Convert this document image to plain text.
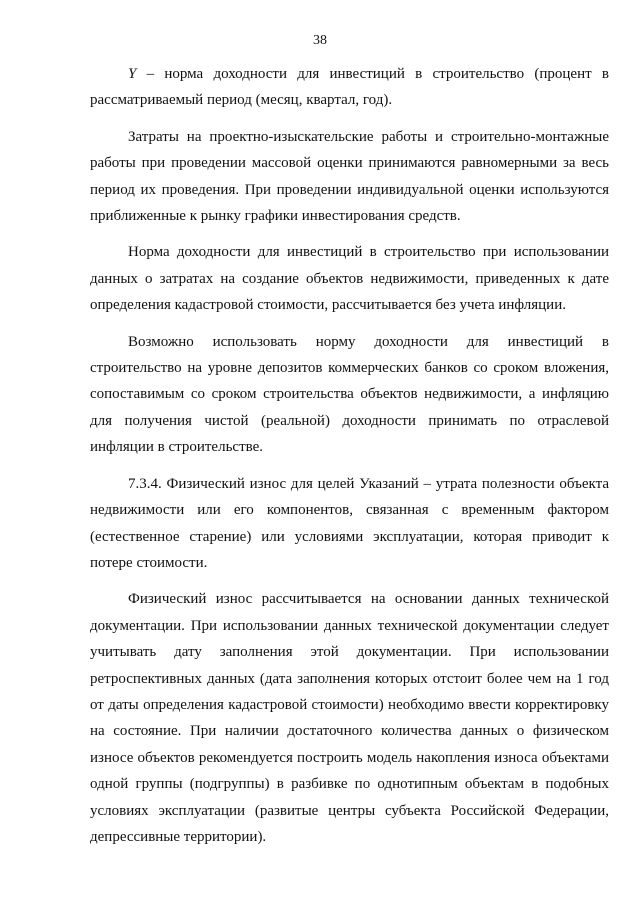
38

Y – норма доходности для инвестиций в строительство (процент в рассматриваемый период (месяц, квартал, год).

Затраты на проектно-изыскательские работы и строительно-монтажные работы при проведении массовой оценки принимаются равномерными за весь период их проведения. При проведении индивидуальной оценки используются приближенные к рынку графики инвестирования средств.

Норма доходности для инвестиций в строительство при использовании данных о затратах на создание объектов недвижимости, приведенных к дате определения кадастровой стоимости, рассчитывается без учета инфляции.

Возможно использовать норму доходности для инвестиций в строительство на уровне депозитов коммерческих банков со сроком вложения, сопоставимым со сроком строительства объектов недвижимости, а инфляцию для получения чистой (реальной) доходности принимать по отраслевой инфляции в строительстве.

7.3.4. Физический износ для целей Указаний – утрата полезности объекта недвижимости или его компонентов, связанная с временным фактором (естественное старение) или условиями эксплуатации, которая приводит к потере стоимости.

Физический износ рассчитывается на основании данных технической документации. При использовании данных технической документации следует учитывать дату заполнения этой документации. При использовании ретроспективных данных (дата заполнения которых отстоит более чем на 1 год от даты определения кадастровой стоимости) необходимо ввести корректировку на состояние. При наличии достаточного количества данных о физическом износе объектов рекомендуется построить модель накопления износа объектами одной группы (подгруппы) в разбивке по однотипным объектам в подобных условиях эксплуатации (развитые центры субъекта Российской Федерации, депрессивные территории).
